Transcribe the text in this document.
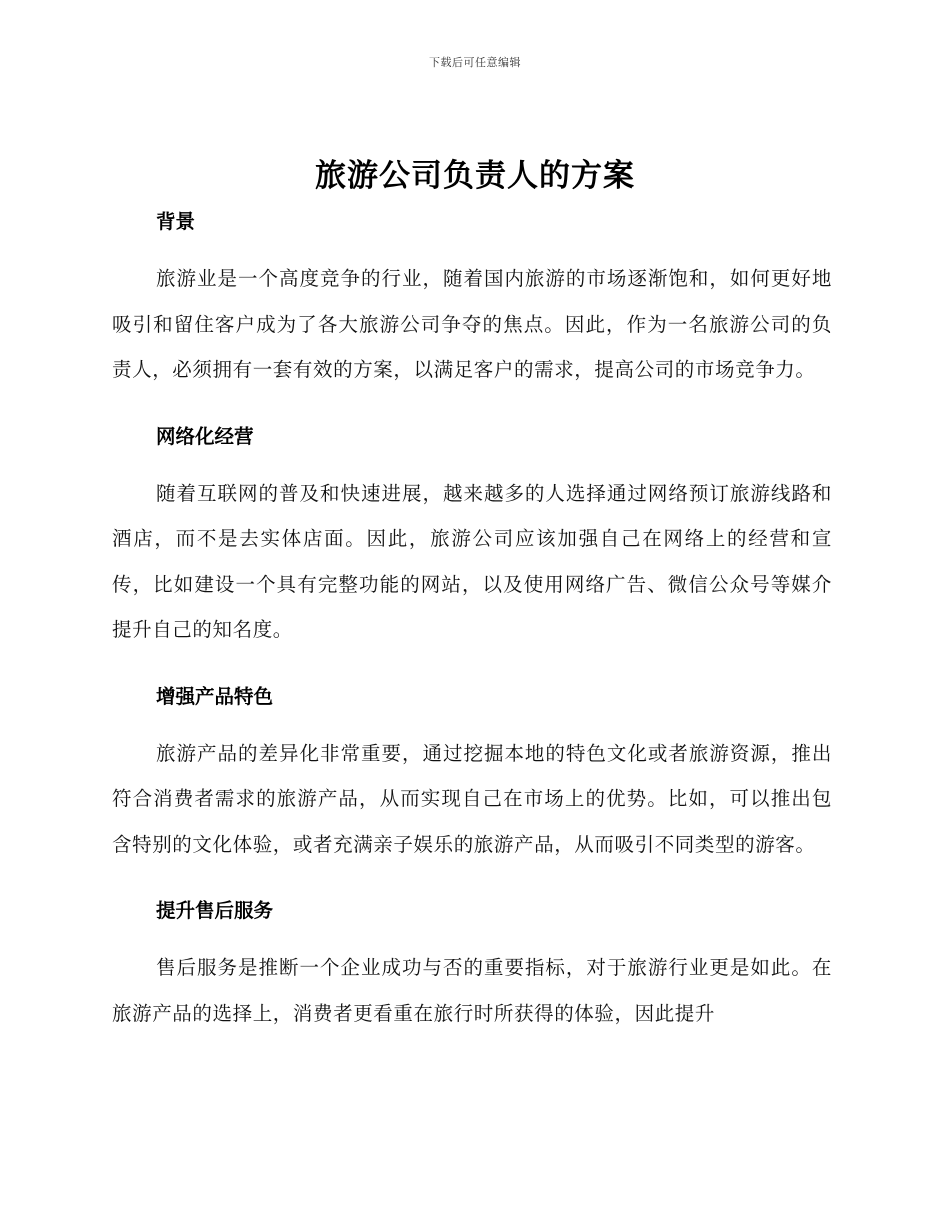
下载后可任意编辑
旅游公司负责人的方案
背景

旅游业是一个高度竞争的行业，随着国内旅游的市场逐渐饱和，如何更好地吸引和留住客户成为了各大旅游公司争夺的焦点。因此，作为一名旅游公司的负责人，必须拥有一套有效的方案，以满足客户的需求，提高公司的市场竞争力。

网络化经营

随着互联网的普及和快速进展，越来越多的人选择通过网络预订旅游线路和酒店，而不是去实体店面。因此，旅游公司应该加强自己在网络上的经营和宣传，比如建设一个具有完整功能的网站，以及使用网络广告、微信公众号等媒介提升自己的知名度。

增强产品特色

旅游产品的差异化非常重要，通过挖掘本地的特色文化或者旅游资源，推出符合消费者需求的旅游产品，从而实现自己在市场上的优势。比如，可以推出包含特别的文化体验，或者充满亲子娱乐的旅游产品，从而吸引不同类型的游客。

提升售后服务

售后服务是推断一个企业成功与否的重要指标，对于旅游行业更是如此。在旅游产品的选择上，消费者更看重在旅行时所获得的体验，因此提升
